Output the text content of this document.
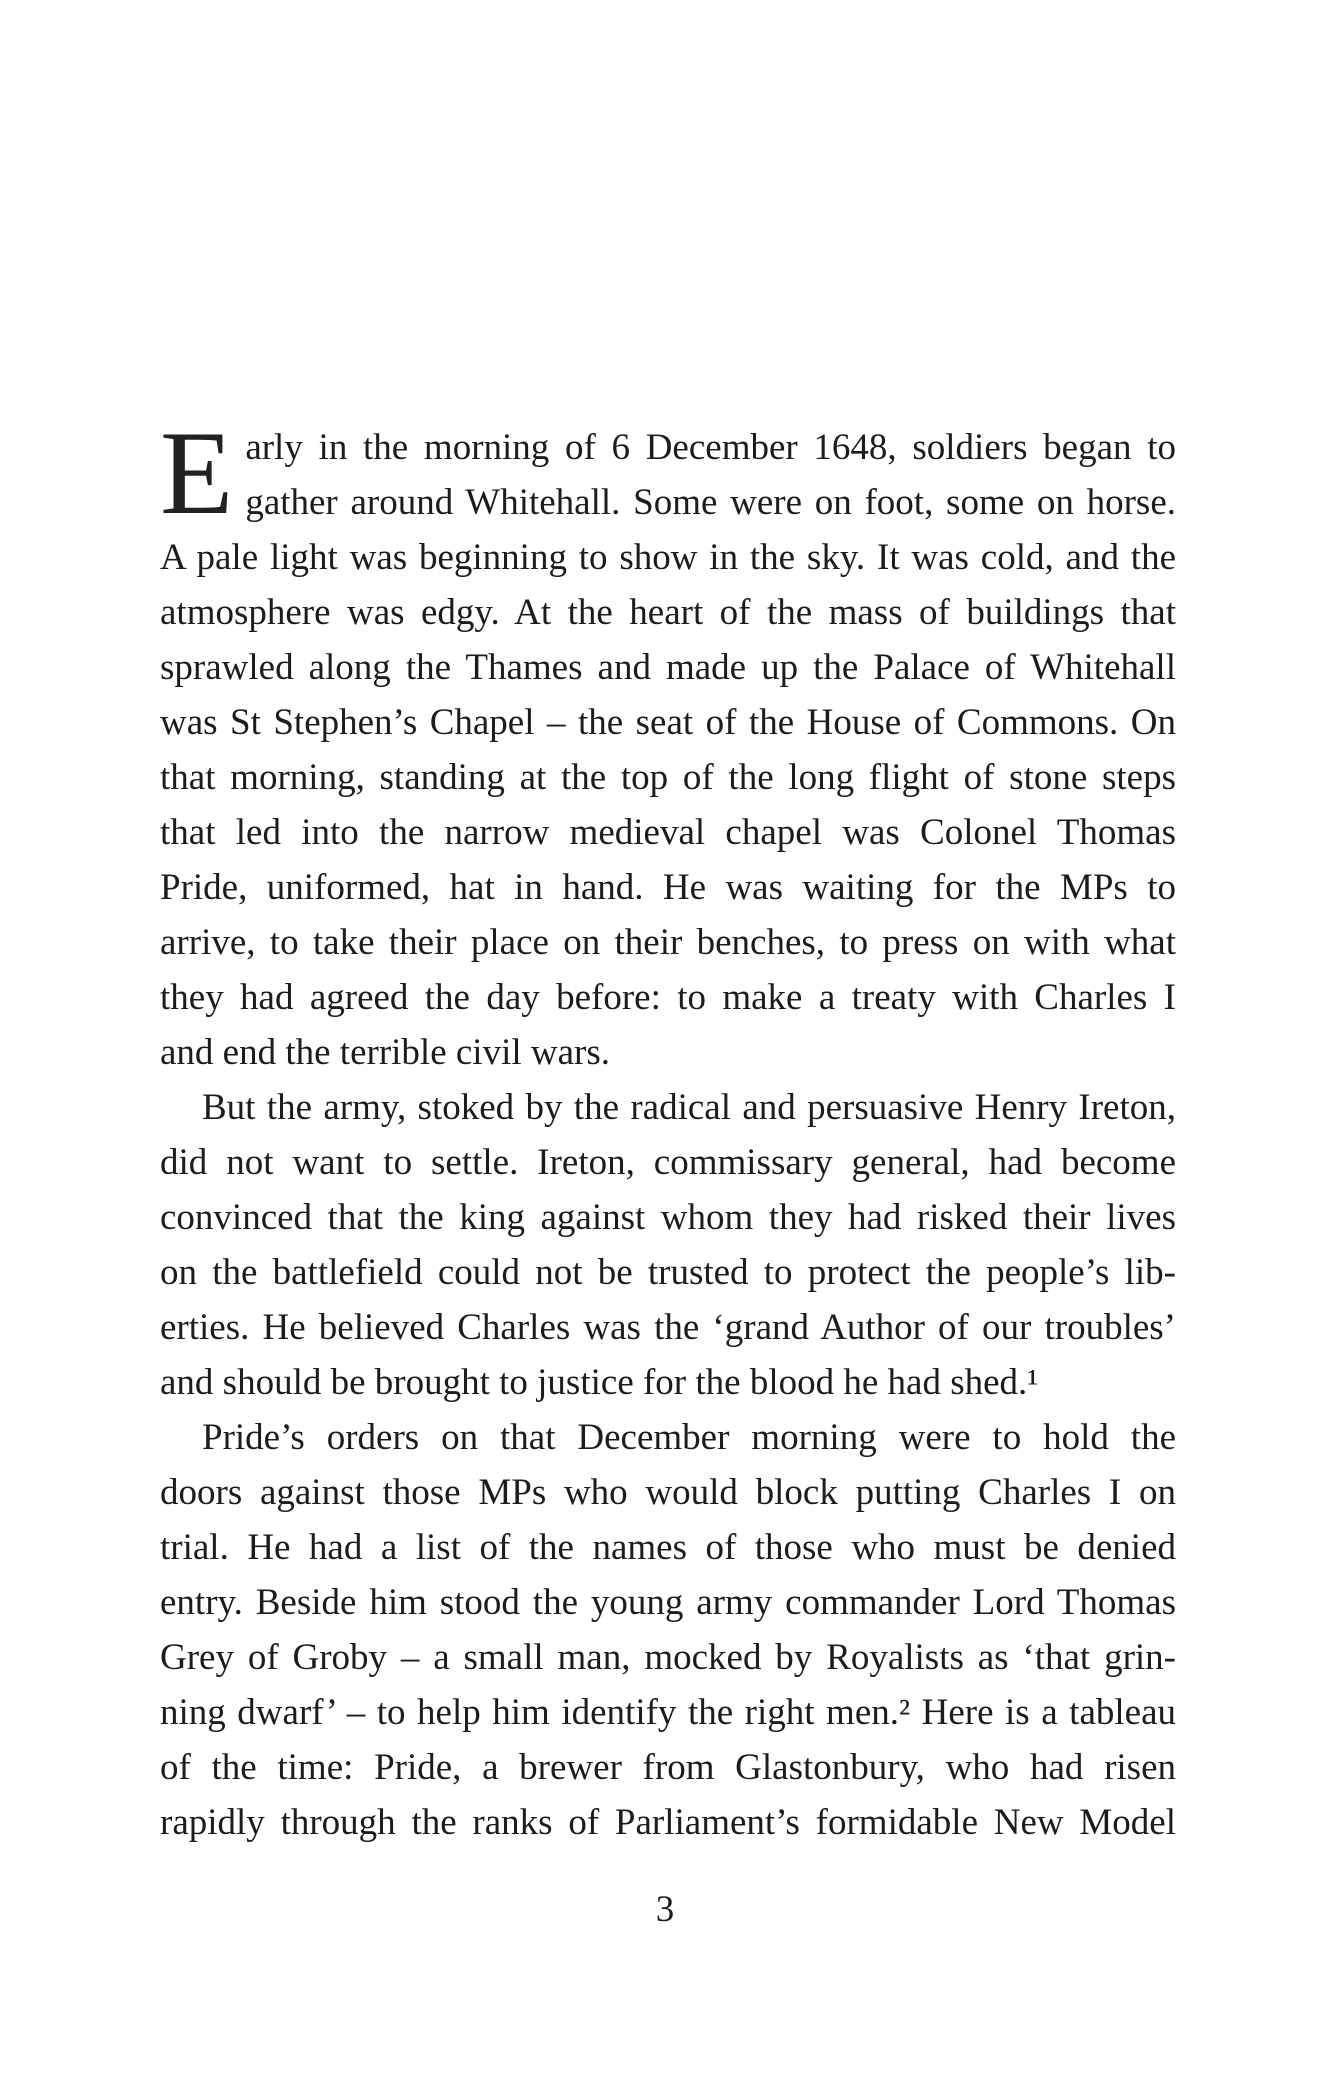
E arly in the morning of 6 December 1648, soldiers began to
gather around Whitehall. Some were on foot, some on horse.
A pale light was beginning to show in the sky. It was cold, and the
atmosphere was edgy. At the heart of the mass of buildings that
sprawled along the Thames and made up the Palace of Whitehall
was St Stephen’s Chapel – the seat of the House of Commons. On
that morning, standing at the top of the long flight of stone steps
that led into the narrow medieval chapel was Colonel Thomas
Pride, uniformed, hat in hand. He was waiting for the MPs to
arrive, to take their place on their benches, to press on with what
they had agreed the day before: to make a treaty with Charles I
and end the terrible civil wars.
But the army, stoked by the radical and persuasive Henry Ireton,
did not want to settle. Ireton, commissary general, had become
convinced that the king against whom they had risked their lives
on the battlefield could not be trusted to protect the people’s lib-
erties. He believed Charles was the ‘grand Author of our troubles’
and should be brought to justice for the blood he had shed.¹
Pride’s orders on that December morning were to hold the
doors against those MPs who would block putting Charles I on
trial. He had a list of the names of those who must be denied
entry. Beside him stood the young army commander Lord Thomas
Grey of Groby – a small man, mocked by Royalists as ‘that grin-
ning dwarf’ – to help him identify the right men.² Here is a tableau
of the time: Pride, a brewer from Glastonbury, who had risen
rapidly through the ranks of Parliament’s formidable New Model
3
